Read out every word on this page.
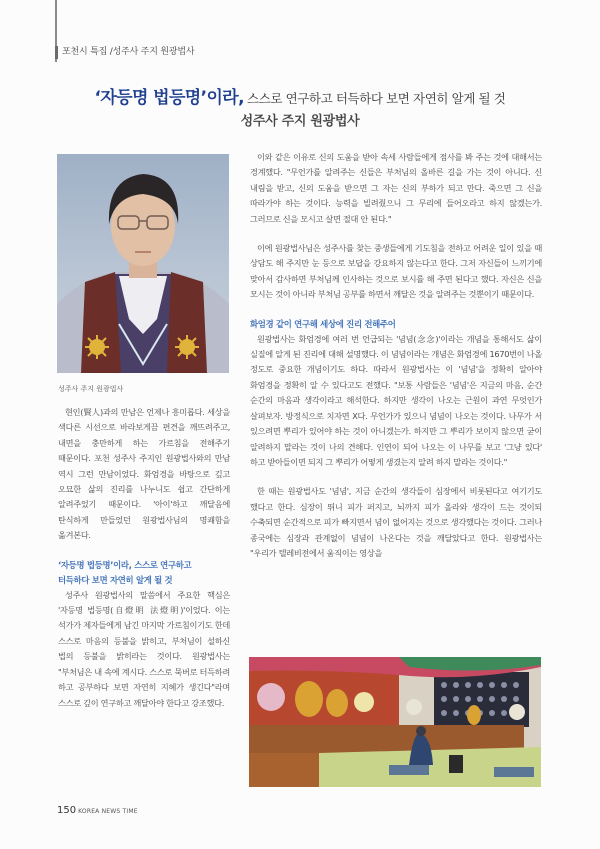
포천시 특집 /성주사 주지 원광법사
‘자등명 법등명’이라, 스스로 연구하고 터득하다 보면 자연히 알게 될 것
성주사 주지 원광법사
성주사 주지 원광법사

현인(賢人)과의 만남은 언제나 흥미롭다. 세상을 색다른 시선으로 바라보게끔 편견을 깨뜨려주고, 내면을 충만하게 하는 가르침을 전해주기 때문이다. 포천 성주사 주지인 원광법사와의 만남 역시 그런 만남이었다. 화엄경을 바탕으로 깊고 오묘한 삶의 진리를 나누니도 쉽고 간단하게 알려주었기 때문이다. '아이'하고 깨달음에 탄식하게 만들었던 원광법사님의 명쾌함을 옮겨본다.

‘자등명 법등명’이라, 스스로 연구하고

터득하다 보면 자연히 알게 될 것

성주사 원광법사의 말씀에서 주요한 핵심은 '자등명 법등명(自燈明 法燈明)'이었다. 이는 석가가 제자들에게 남긴 마지막 가르침이기도 한데 스스로 마음의 등불을 밝히고, 부처님이 설하신 법의 등불을 밝히라는 것이다. 원광법사는 "부처님은 내 속에 계시다. 스스로 묵버로 터득하려 하고 공부하다 보면 자연히 지혜가 생긴다"라며 스스로 깊이 연구하고 깨달아야 한다고 강조했다.

이와 같은 이유로 신의 도움을 받아 속세 사람들에게 점사를 봐 주는 것에 대해서는 경계했다. "무언가를 알려주는 신들은 부처님의 올바른 길을 가는 것이 아니다. 신 내림을 받고, 신의 도움을 받으면 그 자는 신의 부하가 되고 만다. 죽으면 그 신을 따라가야 하는 것이다. 능력을 빌려줬으니 그 무리에 들어오라고 하지 않겠는가. 그러므로 신을 모시고 살면 절대 안 된다."

이에 원광법사님은 성주사를 찾는 중생들에게 기도침을 전하고 어려운 일이 있을 때 상담도 해 주지만 눈 등으로 보답을 강요하지 않는다고 한다. 그저 자신들이 느끼기에 맞아서 감사하면 부처님께 인사하는 것으로 보시를 해 주면 된다고 했다. 자신은 신을 모시는 것이 아니라 부처님 공부를 하면서 깨달은 것을 알려주는 것뿐이기 때문이다.

화엄경 같이 연구해 세상에 진리 전해주어

원광법사는 화엄경에 여러 번 언급되는 '념념(念念)'이라는 개념을 통해서도 삶이 실질에 알게 된 진리에 대해 설명했다. 이 념념이라는 개념은 화엄경에 1670번이 나올 정도로 중요한 개념이기도 하다. 따라서 원광법사는 이 '념념'을 정확히 알아야 화엄경을 정확히 알 수 있다고도 전했다. "보통 사람들은 '념념'은 지금의 마음, 순간 순간의 마음과 생각이라고 해석한다. 하지만 생각이 나오는 근원이 과연 무엇인가 살펴보자. 방정식으로 치자면 X다. 무언가가 있으니 념념이 나오는 것이다. 나무가 서 있으려면 뿌리가 있어야 하는 것이 아니겠는가. 하지만 그 뿌리가 보이지 않으면 굳이 알려하지 말라는 것이 나의 견해다. 인연이 되어 나오는 이 나무를 보고 '그냥 있다' 하고 받아들이면 되지 그 뿌리가 어떻게 생겼는지 알려 하지 말라는 것이다."

한 때는 원광법사도 '념념', 지금 순간의 생각들이 심장에서 비롯된다고 여기기도 했다고 한다. 심장이 뛰니 피가 퍼지고, 뇌까지 피가 올라와 생각이 드는 것이되 수축되면 순간적으로 피가 빠지면서 념이 없어지는 것으로 생각했다는 것이다. 그러나 종국에는 심장과 관계없이 념념이 나온다는 것을 깨달았다고 한다. 원광법사는 "우리가 텔레비전에서 움직이는 영상을

150 KOREA NEWS TIME
